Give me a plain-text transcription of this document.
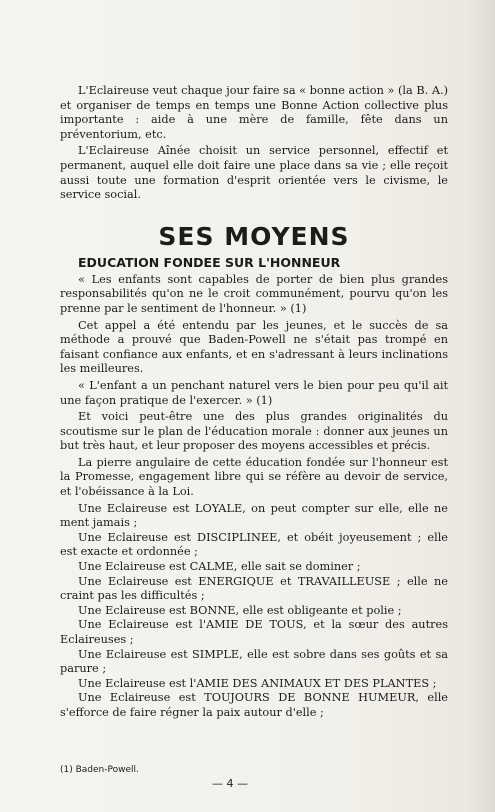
L'Eclaireuse veut chaque jour faire sa « bonne action » (la B. A.) et organiser de temps en temps une Bonne Action collective plus importante : aide à une mère de famille, fête dans un préventorium, etc.

L'Eclaireuse Aînée choisit un service personnel, effectif et permanent, auquel elle doit faire une place dans sa vie ; elle reçoit aussi toute une formation d'esprit orientée vers le civisme, le service social.

SES MOYENS

EDUCATION FONDEE SUR L'HONNEUR

« Les enfants sont capables de porter de bien plus grandes responsabilités qu'on ne le croit communément, pourvu qu'on les prenne par le sentiment de l'honneur. » (1)

Cet appel a été entendu par les jeunes, et le succès de sa méthode a prouvé que Baden-Powell ne s'était pas trompé en faisant confiance aux enfants, et en s'adressant à leurs inclinations les meilleures.

« L'enfant a un penchant naturel vers le bien pour peu qu'il ait une façon pratique de l'exercer. » (1)

Et voici peut-être une des plus grandes originalités du scoutisme sur le plan de l'éducation morale : donner aux jeunes un but très haut, et leur proposer des moyens accessibles et précis.

La pierre angulaire de cette éducation fondée sur l'honneur est la Promesse, engagement libre qui se réfère au devoir de service, et l'obéissance à la Loi.

Une Eclaireuse est LOYALE, on peut compter sur elle, elle ne ment jamais ;

Une Eclaireuse est DISCIPLINEE, et obéit joyeusement ; elle est exacte et ordonnée ;

Une Eclaireuse est CALME, elle sait se dominer ;

Une Eclaireuse est ENERGIQUE et TRAVAILLEUSE ; elle ne craint pas les difficultés ;

Une Eclaireuse est BONNE, elle est obligeante et polie ;

Une Eclaireuse est l'AMIE DE TOUS, et la sœur des autres Eclaireuses ;

Une Eclaireuse est SIMPLE, elle est sobre dans ses goûts et sa parure ;

Une Eclaireuse est l'AMIE DES ANIMAUX ET DES PLANTES ;

Une Eclaireuse est TOUJOURS DE BONNE HUMEUR, elle s'efforce de faire régner la paix autour d'elle ;

(1) Baden-Powell.
— 4 —
